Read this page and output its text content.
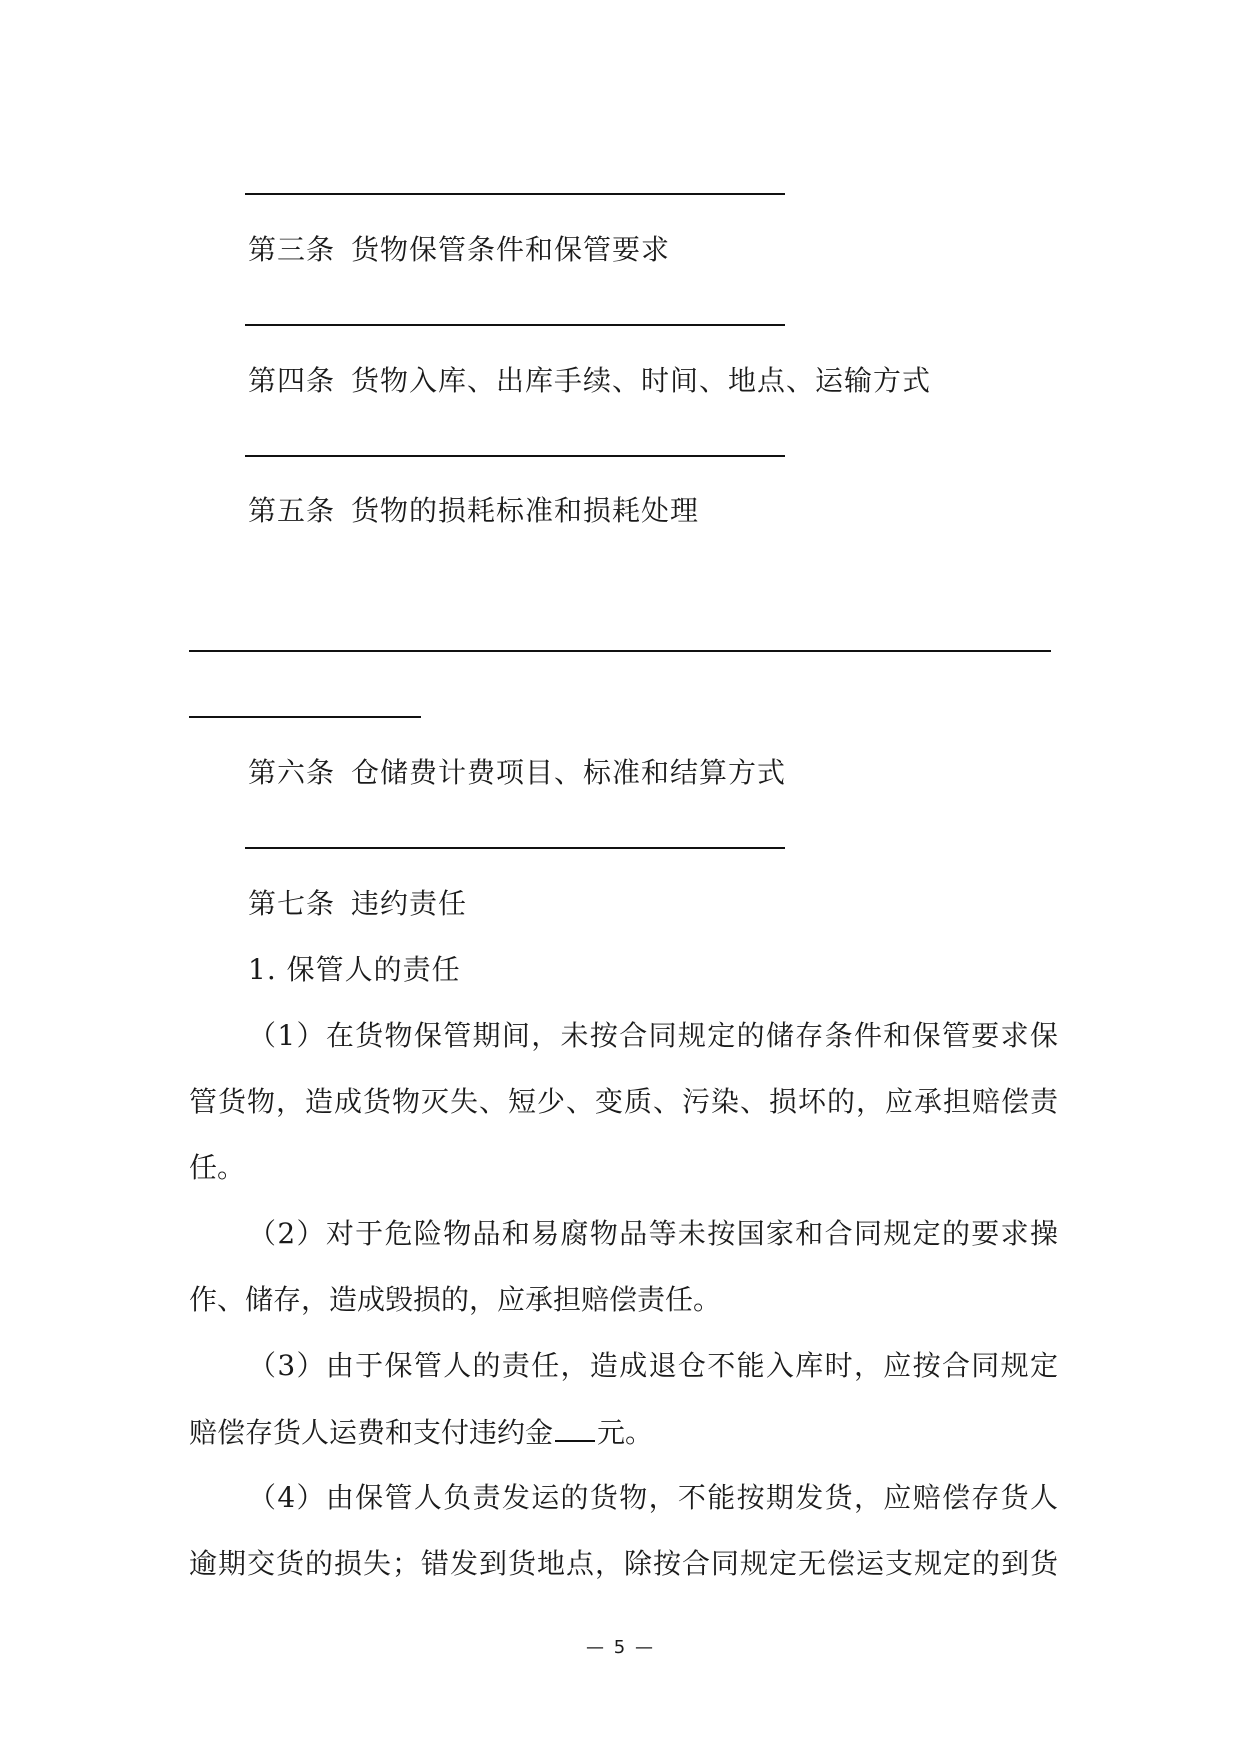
第三条 货物保管条件和保管要求
第四条 货物入库、出库手续、时间、地点、运输方式
第五条 货物的损耗标准和损耗处理
第六条 仓储费计费项目、标准和结算方式
第七条 违约责任
1. 保管人的责任
（1）在货物保管期间，未按合同规定的储存条件和保管要求保
管货物，造成货物灭失、短少、变质、污染、损坏的，应承担赔偿责
任。
（2）对于危险物品和易腐物品等未按国家和合同规定的要求操
作、储存，造成毁损的，应承担赔偿责任。
（3）由于保管人的责任，造成退仓不能入库时，应按合同规定
赔偿存货人运费和支付违约金 元。
（4）由保管人负责发运的货物，不能按期发货，应赔偿存货人
逾期交货的损失；错发到货地点，除按合同规定无偿运支规定的到货
— 5 —
